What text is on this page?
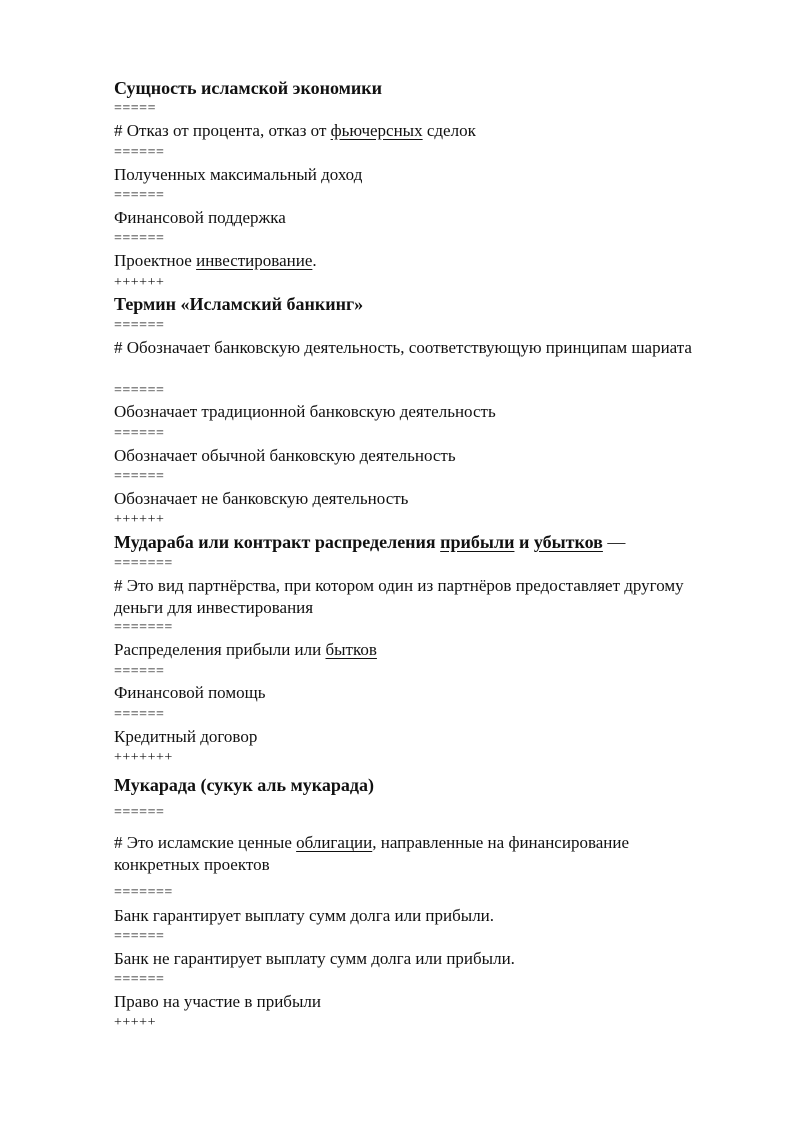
Сущность исламской экономики
=====
# Отказ от процента, отказ от фьючерсных сделок
======
Полученных максимальный доход
======
Финансовой поддержка
======
Проектное инвестирование.
++++++
Термин «Исламский банкинг»
======
# Обозначает банковскую деятельность, соответствующую принципам шариата
======
Обозначает традиционной банковскую деятельность
======
Обозначает обычной банковскую деятельность
======
Обозначает не банковскую деятельность
++++++
Мудараба или контракт распределения прибыли и убытков —
=======
# Это вид партнёрства, при котором один из партнёров предоставляет другому деньги для инвестирования
=======
Распределения прибыли или бытков
======
Финансовой помощь
======
Кредитный договор
+++++++
Мукарада (сукук аль мукарада)
======
# Это исламские ценные облигации, направленные на финансирование конкретных проектов
=======
Банк гарантирует выплату сумм долга или прибыли.
======
Банк не гарантирует выплату сумм долга или прибыли.
======
Право на участие в прибыли
+++++
